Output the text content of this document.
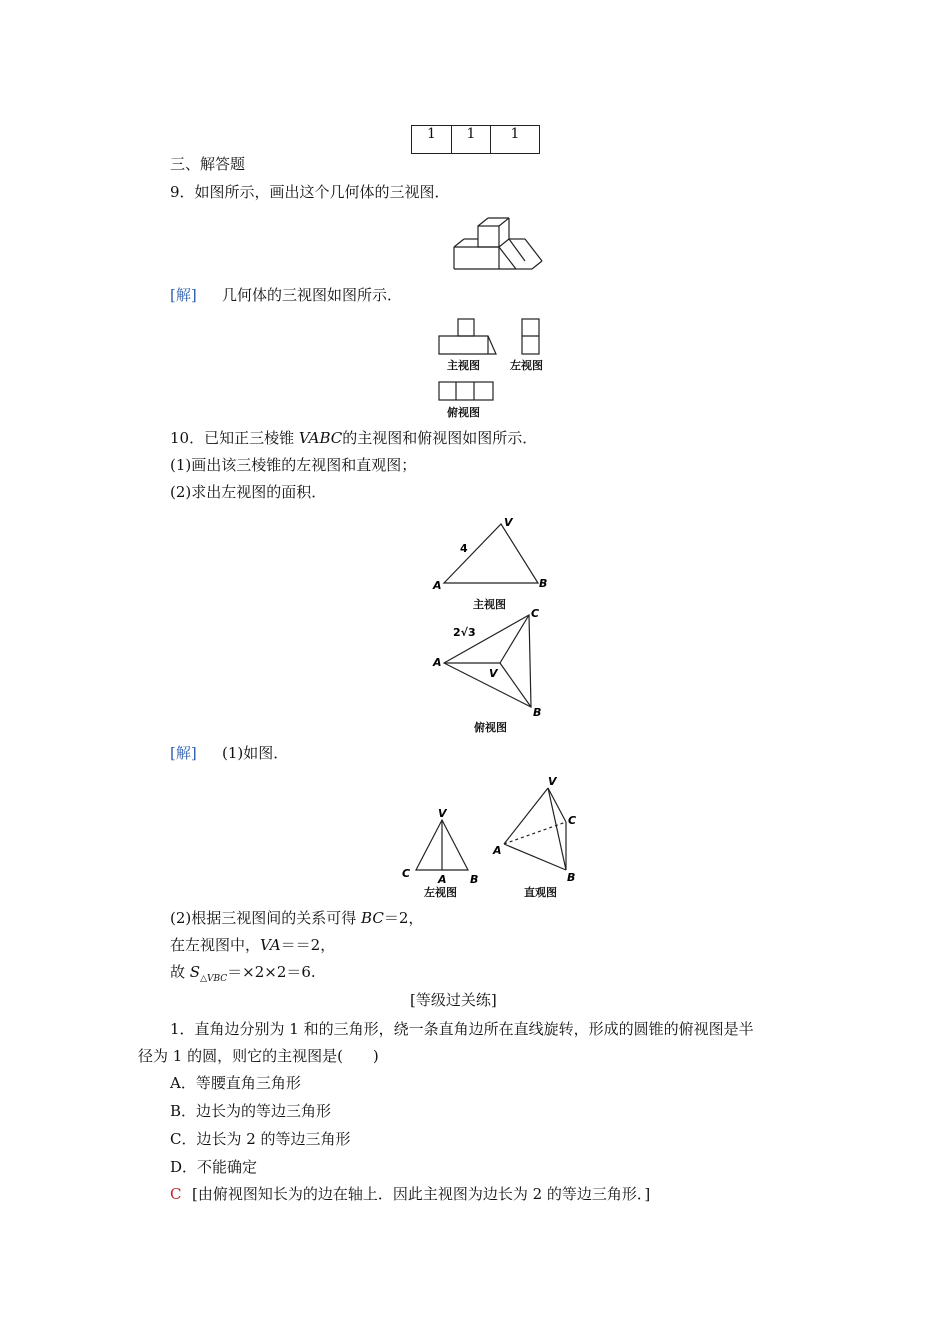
1	1	1
三、解答题
9．如图所示，画出这个几何体的三视图．
[解] 几何体的三视图如图所示．
主视图	左视图
俯视图
10．已知正三棱锥 VABC的主视图和俯视图如图所示．
(1)画出该三棱锥的左视图和直观图；
(2)求出左视图的面积．
V
A	B
4
主视图
C
A
B
V
2√3
俯视图
[解] (1)如图．
V
C	A B
左视图
V
C
A
B
直观图
(2)根据三视图间的关系可得 BC＝2，
在左视图中，VA＝＝2，
故 $S_{\triangle VBC}=\times 2\times 2=6$.
[等级过关练]
1．直角边分别为 1 和的三角形，绕一条直角边所在直线旋转，形成的圆锥的俯视图是半
径为 1 的圆，则它的主视图是(　　)
A．等腰直角三角形
B．边长为的等边三角形
C．边长为 2 的等边三角形
D．不能确定
C [由俯视图知长为的边在轴上．因此主视图为边长为 2 的等边三角形．]
